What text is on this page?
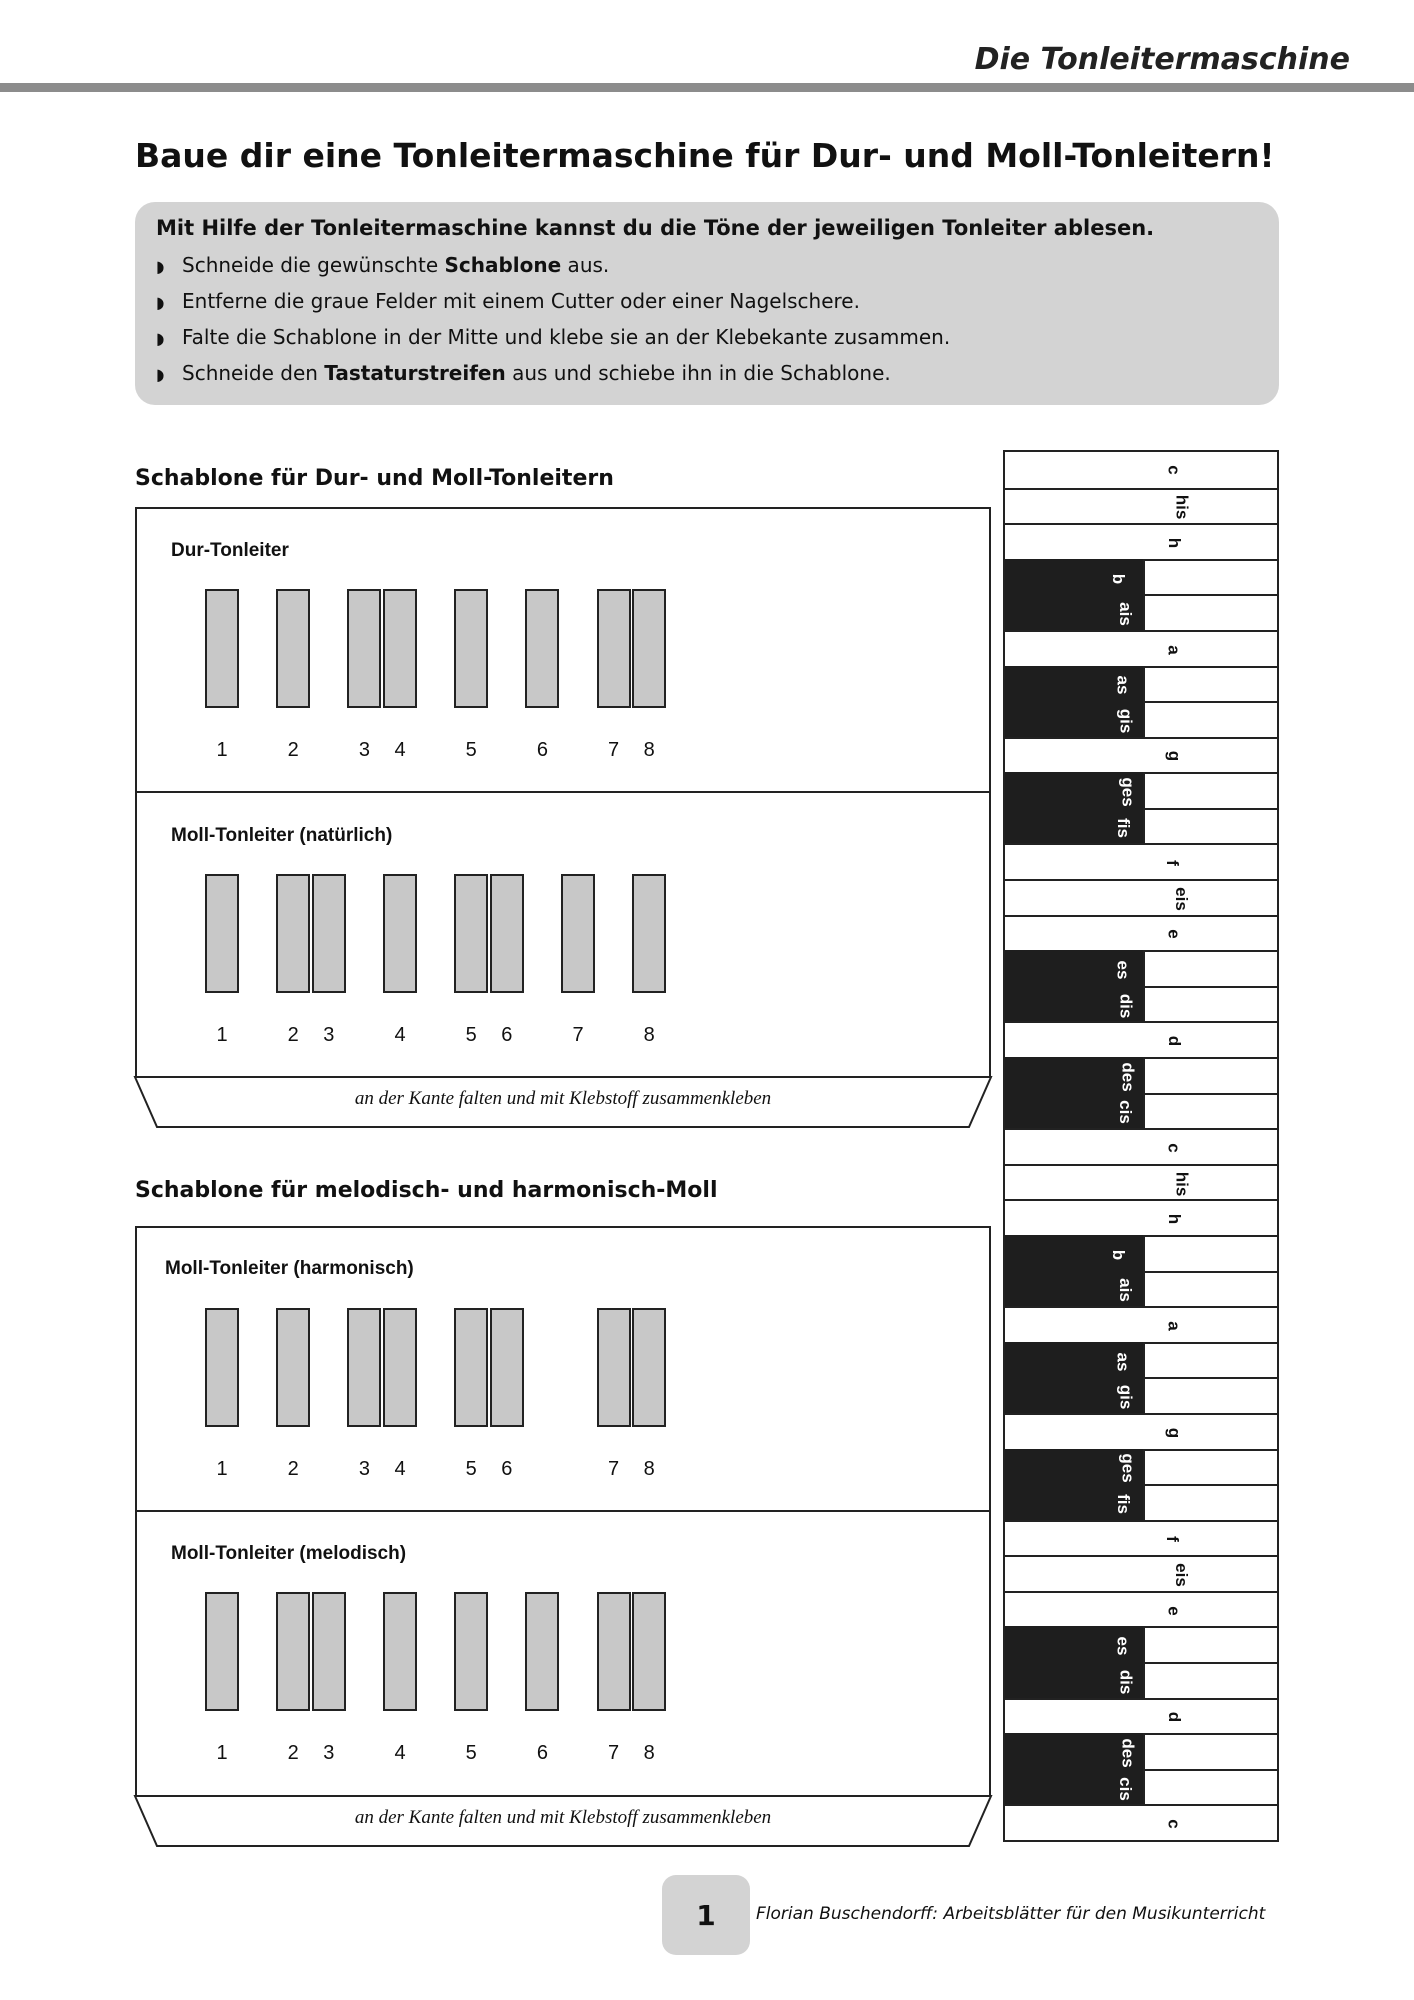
Die Tonleitermaschine
Baue dir eine Tonleitermaschine für Dur- und Moll-Tonleitern!
Mit Hilfe der Tonleitermaschine kannst du die Töne der jeweiligen Tonleiter ablesen.
◗ Schneide die gewünschte Schablone aus.
◗ Entferne die graue Felder mit einem Cutter oder einer Nagelschere.
◗ Falte die Schablone in der Mitte und klebe sie an der Klebekante zusammen.
◗ Schneide den Tastaturstreifen aus und schiebe ihn in die Schablone.
Schablone für Dur- und Moll-Tonleitern
Dur-Tonleiter
Moll-Tonleiter (natürlich)
1	2	3	4	5	6	7	8
1	2	3	4	5	6	7	8
an der Kante falten und mit Klebstoff zusammenkleben
Schablone für melodisch- und harmonisch-Moll
Moll-Tonleiter (harmonisch)
Moll-Tonleiter (melodisch)
1	2	3	4	5	6	7	8
1	2	3	4	5	6	7	8
an der Kante falten und mit Klebstoff zusammenkleben
c
his
h
b
ais
a
as
gis
g
ges
fis
f
eis
e
es
dis
d
des
cis
c
his
h
b
ais
a
as
gis
g
ges
fis
f
eis
e
es
dis
d
des
cis
c
1	Florian Buschendorff: Arbeitsblätter für den Musikunterricht
